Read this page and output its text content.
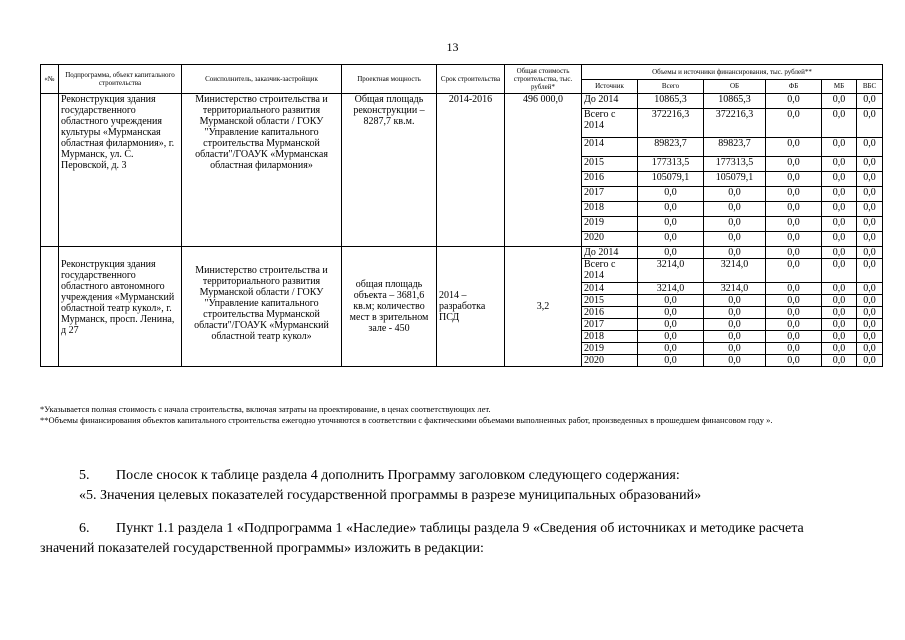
13
«№	Подпрограмма, объект капитального строительства	Соисполнитель, заказчик-застройщик	Проектная мощность	Срок строительства	Общая стоимость строительства, тыс. рублей*	Объемы и источники финансирования, тыс. рублей**					
						Источник	Всего	ОБ	ФБ	МБ	ВБС
	Реконструкция здания государственного областного учреждения культуры «Мурманская областная филармония», г. Мурманск, ул. С. Перовской, д. 3	Министерство строительства и территориального развития Мурманской области / ГОКУ "Управление капитального строительства Мурманской области"/ГОАУК «Мурманская областная филармония»	Общая площадь реконструкции – 8287,7 кв.м.	2014-2016	496 000,0	До 2014	10865,3	10865,3	0,0	0,0	0,0
						Всего с 2014	372216,3	372216,3	0,0	0,0	0,0
						2014	89823,7	89823,7	0,0	0,0	0,0
						2015	177313,5	177313,5	0,0	0,0	0,0
						2016	105079,1	105079,1	0,0	0,0	0,0
						2017	0,0	0,0	0,0	0,0	0,0
						2018	0,0	0,0	0,0	0,0	0,0
						2019	0,0	0,0	0,0	0,0	0,0
						2020	0,0	0,0	0,0	0,0	0,0
	Реконструкция здания государственного областного автономного учреждения «Мурманский областной театр кукол», г. Мурманск, просп. Ленина, д 27	Министерство строительства и территориального развития Мурманской области / ГОКУ "Управление капитального строительства Мурманской области"/ГОАУК «Мурманский областной театр кукол»	общая площадь объекта – 3681,6 кв.м; количество мест в зрительном зале - 450	2014 – разработка ПСД	3,2	До 2014	0,0	0,0	0,0	0,0	0,0
						Всего с 2014	3214,0	3214,0	0,0	0,0	0,0
						2014	3214,0	3214,0	0,0	0,0	0,0
						2015	0,0	0,0	0,0	0,0	0,0
						2016	0,0	0,0	0,0	0,0	0,0
						2017	0,0	0,0	0,0	0,0	0,0
						2018	0,0	0,0	0,0	0,0	0,0
						2019	0,0	0,0	0,0	0,0	0,0
						2020	0,0	0,0	0,0	0,0	0,0
*Указывается полная стоимость с начала строительства, включая затраты на проектирование, в ценах соответствующих лет.
**Объемы финансирования объектов капитального строительства ежегодно уточняются в соответствии с фактическими объемами выполненных работ, произведенных в прошедшем финансовом году ».
5. После сносок к таблице раздела 4 дополнить Программу заголовком следующего содержания:
«5. Значения целевых показателей государственной программы в разрезе муниципальных образований»
6. Пункт 1.1 раздела 1 «Подпрограмма 1 «Наследие» таблицы раздела 9 «Сведения об источниках и методике расчета
значений показателей государственной программы» изложить в редакции:
